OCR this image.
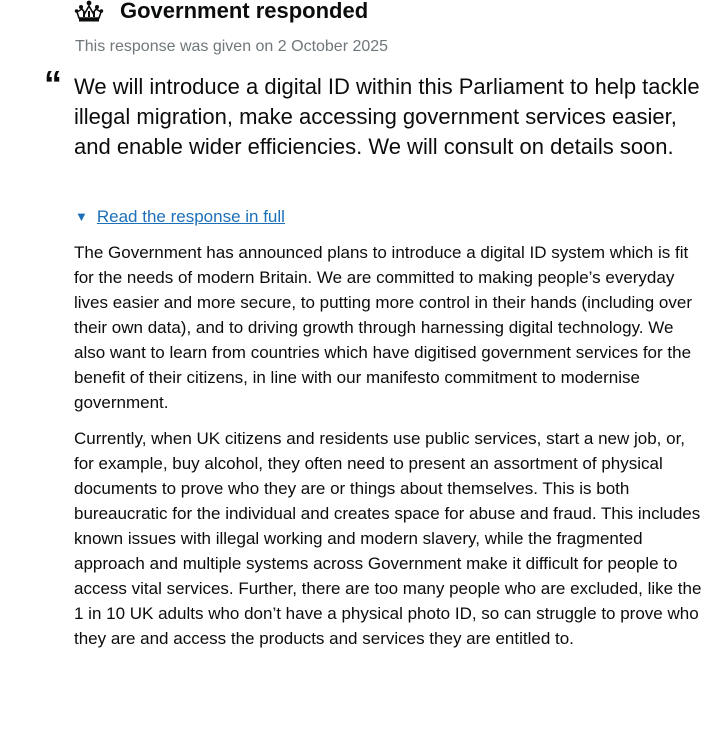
Government responded
This response was given on 2 October 2025
“ We will introduce a digital ID within this Parliament to help tackle illegal migration, make accessing government services easier, and enable wider efficiencies. We will consult on details soon.

▼ Read the response in full

The Government has announced plans to introduce a digital ID system which is fit for the needs of modern Britain. We are committed to making people’s everyday lives easier and more secure, to putting more control in their hands (including over their own data), and to driving growth through harnessing digital technology. We also want to learn from countries which have digitised government services for the benefit of their citizens, in line with our manifesto commitment to modernise government.

Currently, when UK citizens and residents use public services, start a new job, or, for example, buy alcohol, they often need to present an assortment of physical documents to prove who they are or things about themselves. This is both bureaucratic for the individual and creates space for abuse and fraud. This includes known issues with illegal working and modern slavery, while the fragmented approach and multiple systems across Government make it difficult for people to access vital services. Further, there are too many people who are excluded, like the 1 in 10 UK adults who don’t have a physical photo ID, so can struggle to prove who they are and access the products and services they are entitled to.
